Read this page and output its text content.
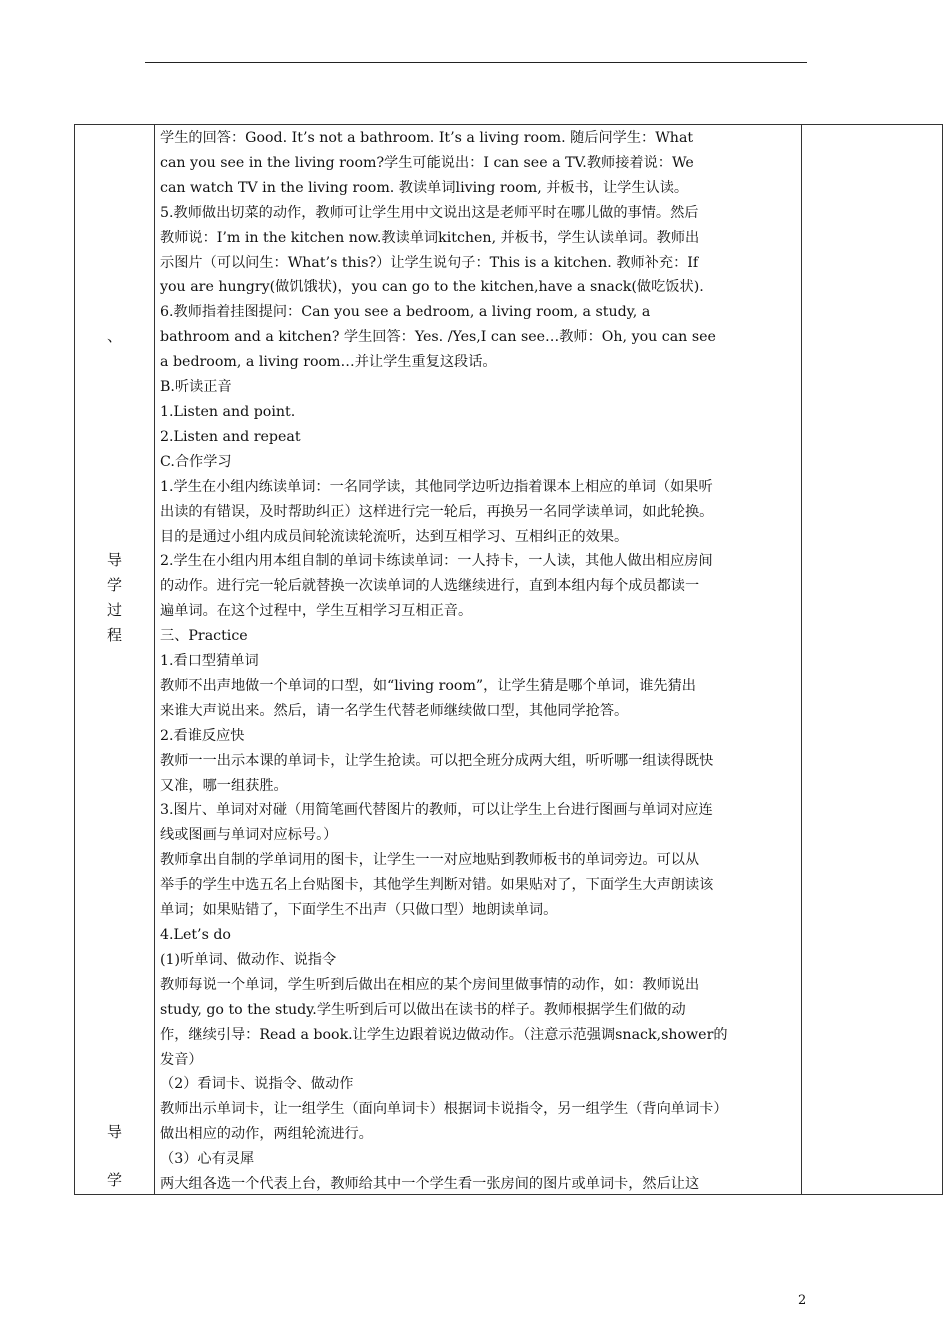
、
导
学
过
程
导
学

学生的回答：Good. It’s not a bathroom. It’s a living room. 随后问学生：What

can you see in the living room?学生可能说出：I can see a TV.教师接着说：We

can watch TV in the living room. 教读单词living room, 并板书，让学生认读。

5.教师做出切菜的动作，教师可让学生用中文说出这是老师平时在哪儿做的事情。然后

教师说：I’m in the kitchen now.教读单词kitchen, 并板书，学生认读单词。教师出

示图片（可以问生：What’s this?）让学生说句子：This is a kitchen. 教师补充：If

you are hungry(做饥饿状)，you can go to the kitchen,have a snack(做吃饭状).

6.教师指着挂图提问：Can you see a bedroom, a living room, a study, a

bathroom and a kitchen? 学生回答：Yes. /Yes,I can see…教师：Oh, you can see

a bedroom, a living room…并让学生重复这段话。

B.听读正音

1.Listen and point.

2.Listen and repeat

C.合作学习

1.学生在小组内练读单词：一名同学读，其他同学边听边指着课本上相应的单词（如果听

出读的有错误，及时帮助纠正）这样进行完一轮后，再换另一名同学读单词，如此轮换。

目的是通过小组内成员间轮流读轮流听，达到互相学习、互相纠正的效果。

2.学生在小组内用本组自制的单词卡练读单词：一人持卡，一人读，其他人做出相应房间

的动作。进行完一轮后就替换一次读单词的人选继续进行，直到本组内每个成员都读一

遍单词。在这个过程中，学生互相学习互相正音。

三、Practice

1.看口型猜单词

教师不出声地做一个单词的口型，如“living room”，让学生猜是哪个单词，谁先猜出

来谁大声说出来。然后，请一名学生代替老师继续做口型，其他同学抢答。

2.看谁反应快

教师一一出示本课的单词卡，让学生抢读。可以把全班分成两大组，听听哪一组读得既快

又准，哪一组获胜。

3.图片、单词对对碰（用简笔画代替图片的教师，可以让学生上台进行图画与单词对应连

线或图画与单词对应标号。）

教师拿出自制的学单词用的图卡，让学生一一对应地贴到教师板书的单词旁边。可以从

举手的学生中选五名上台贴图卡，其他学生判断对错。如果贴对了，下面学生大声朗读该

单词；如果贴错了，下面学生不出声（只做口型）地朗读单词。

4.Let’s do

(1)听单词、做动作、说指令

教师每说一个单词，学生听到后做出在相应的某个房间里做事情的动作，如：教师说出

study, go to the study.学生听到后可以做出在读书的样子。教师根据学生们做的动

作，继续引导：Read a book.让学生边跟着说边做动作。（注意示范强调snack,shower的

发音）

（2）看词卡、说指令、做动作

教师出示单词卡，让一组学生（面向单词卡）根据词卡说指令，另一组学生（背向单词卡）

做出相应的动作，两组轮流进行。

（3）心有灵犀

两大组各选一个代表上台，教师给其中一个学生看一张房间的图片或单词卡，然后让这

2
